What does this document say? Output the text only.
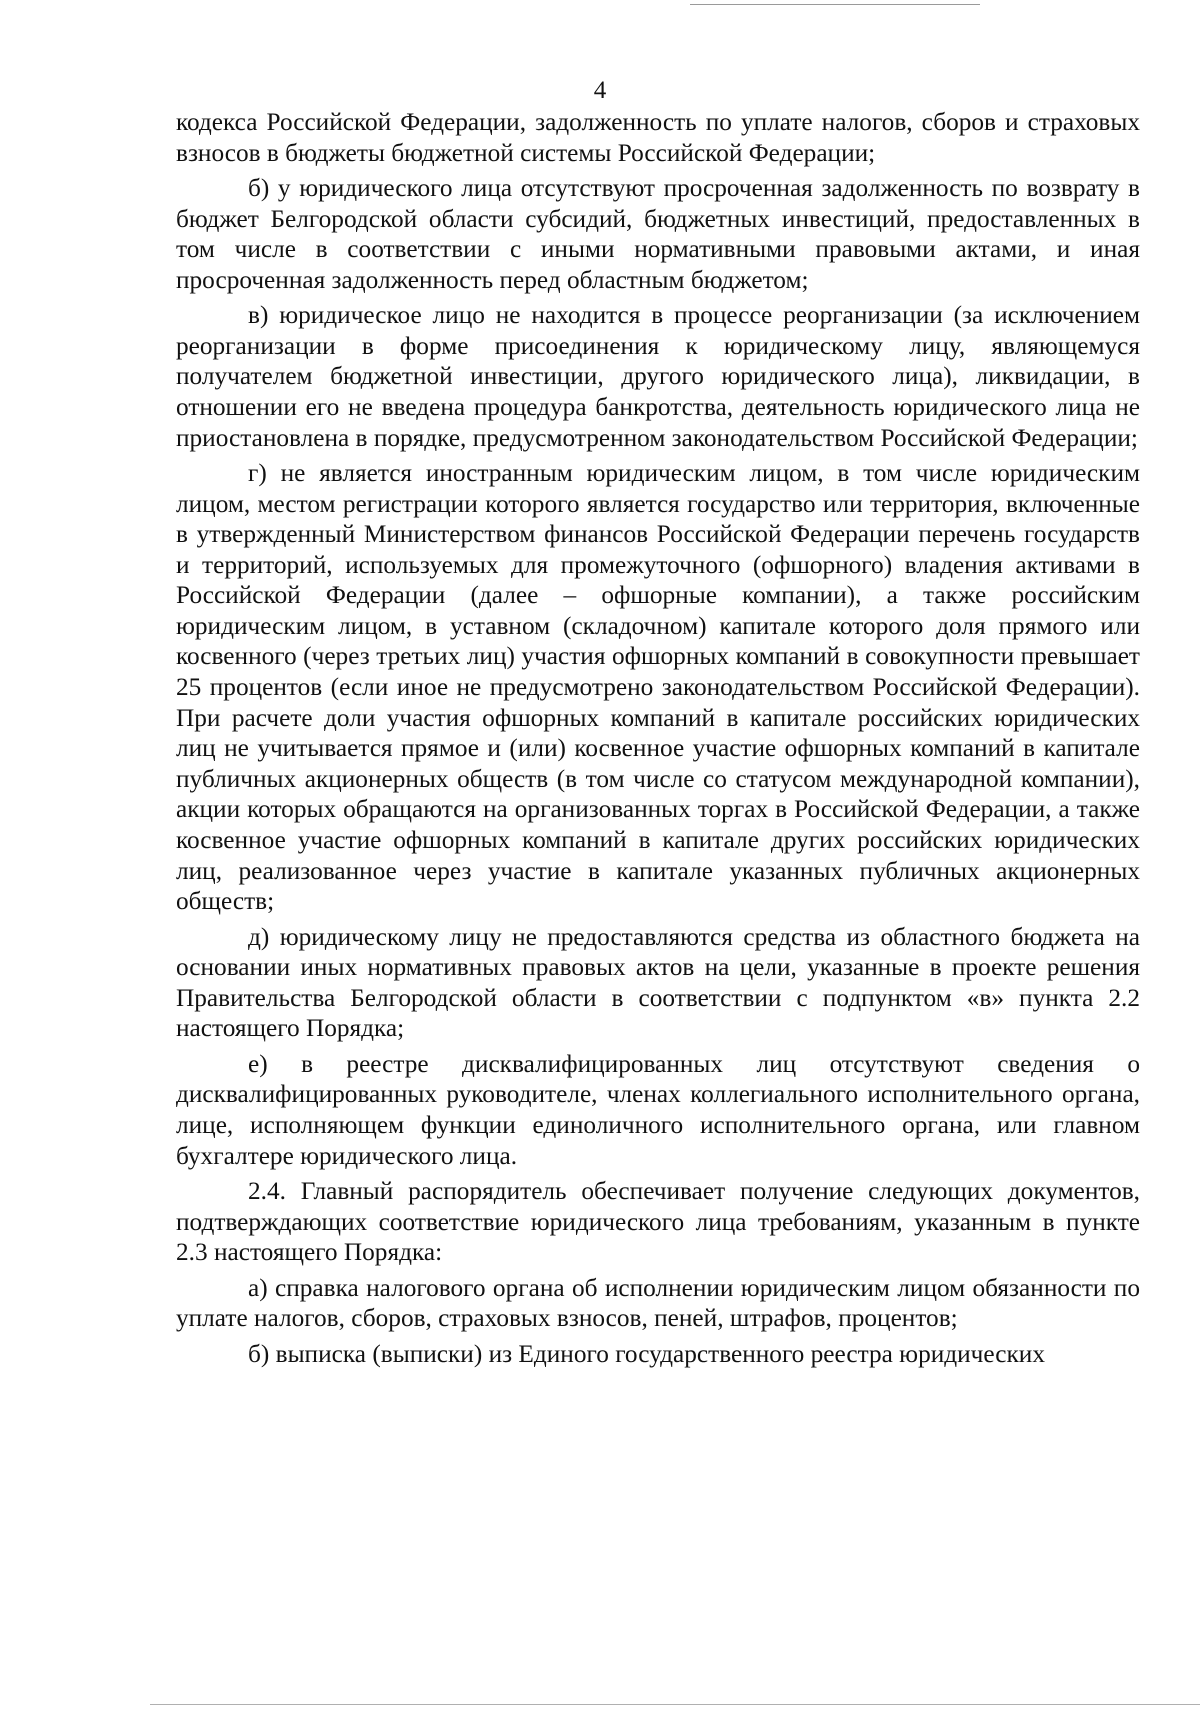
4

кодекса Российской Федерации, задолженность по уплате налогов, сборов и страховых взносов в бюджеты бюджетной системы Российской Федерации;

б) у юридического лица отсутствуют просроченная задолженность по возврату в бюджет Белгородской области субсидий, бюджетных инвестиций, предоставленных в том числе в соответствии с иными нормативными правовыми актами, и иная просроченная задолженность перед областным бюджетом;

в) юридическое лицо не находится в процессе реорганизации (за исключением реорганизации в форме присоединения к юридическому лицу, являющемуся получателем бюджетной инвестиции, другого юридического лица), ликвидации, в отношении его не введена процедура банкротства, деятельность юридического лица не приостановлена в порядке, предусмотренном законодательством Российской Федерации;

г) не является иностранным юридическим лицом, в том числе юридическим лицом, местом регистрации которого является государство или территория, включенные в утвержденный Министерством финансов Российской Федерации перечень государств и территорий, используемых для промежуточного (офшорного) владения активами в Российской Федерации (далее – офшорные компании), а также российским юридическим лицом, в уставном (складочном) капитале которого доля прямого или косвенного (через третьих лиц) участия офшорных компаний в совокупности превышает 25 процентов (если иное не предусмотрено законодательством Российской Федерации). При расчете доли участия офшорных компаний в капитале российских юридических лиц не учитывается прямое и (или) косвенное участие офшорных компаний в капитале публичных акционерных обществ (в том числе со статусом международной компании), акции которых обращаются на организованных торгах в Российской Федерации, а также косвенное участие офшорных компаний в капитале других российских юридических лиц, реализованное через участие в капитале указанных публичных акционерных обществ;

д) юридическому лицу не предоставляются средства из областного бюджета на основании иных нормативных правовых актов на цели, указанные в проекте решения Правительства Белгородской области в соответствии с подпунктом «в» пункта 2.2 настоящего Порядка;

е) в реестре дисквалифицированных лиц отсутствуют сведения о дисквалифицированных руководителе, членах коллегиального исполнительного органа, лице, исполняющем функции единоличного исполнительного органа, или главном бухгалтере юридического лица.

2.4. Главный распорядитель обеспечивает получение следующих документов, подтверждающих соответствие юридического лица требованиям, указанным в пункте 2.3 настоящего Порядка:

а) справка налогового органа об исполнении юридическим лицом обязанности по уплате налогов, сборов, страховых взносов, пеней, штрафов, процентов;

б) выписка (выписки) из Единого государственного реестра юридических
